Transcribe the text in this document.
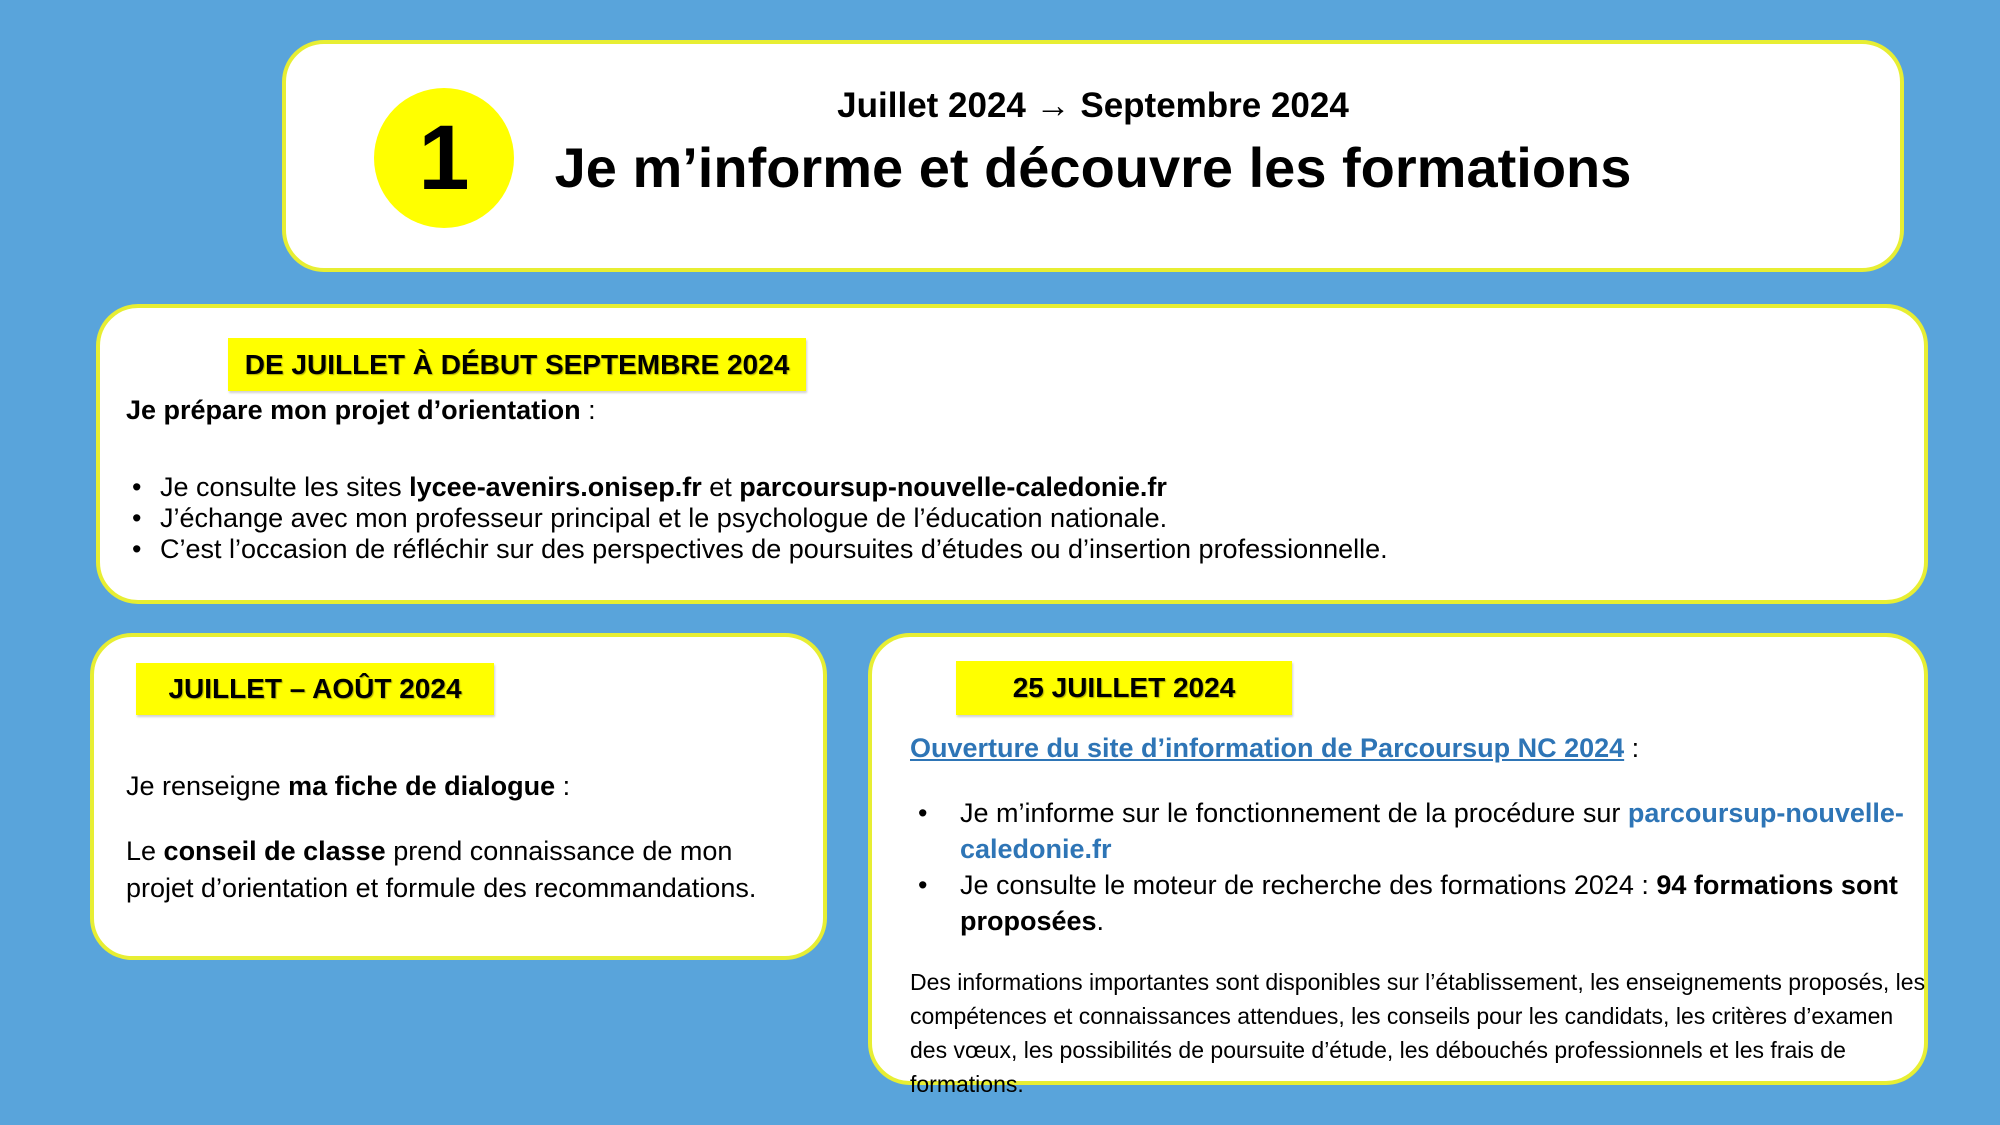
1
Juillet 2024 → Septembre 2024
Je m’informe et découvre les formations
DE JUILLET À DÉBUT SEPTEMBRE 2024

Je prépare mon projet d’orientation :

• Je consulte les sites lycee-avenirs.onisep.fr et parcoursup-nouvelle-caledonie.fr
• J’échange avec mon professeur principal et le psychologue de l’éducation nationale.
• C’est l’occasion de réfléchir sur des perspectives de poursuites d’études ou d’insertion professionnelle.
JUILLET – AOÛT 2024

Je renseigne ma fiche de dialogue :

Le conseil de classe prend connaissance de mon projet d’orientation et formule des recommandations.

25 JUILLET 2024

Ouverture du site d’information de Parcoursup NC 2024 :

• Je m’informe sur le fonctionnement de la procédure sur parcoursup-nouvelle-caledonie.fr
• Je consulte le moteur de recherche des formations 2024 : 94 formations sont proposées.

Des informations importantes sont disponibles sur l’établissement, les enseignements proposés, les compétences et connaissances attendues, les conseils pour les candidats, les critères d’examen des vœux, les possibilités de poursuite d’étude, les débouchés professionnels et les frais de formations.
